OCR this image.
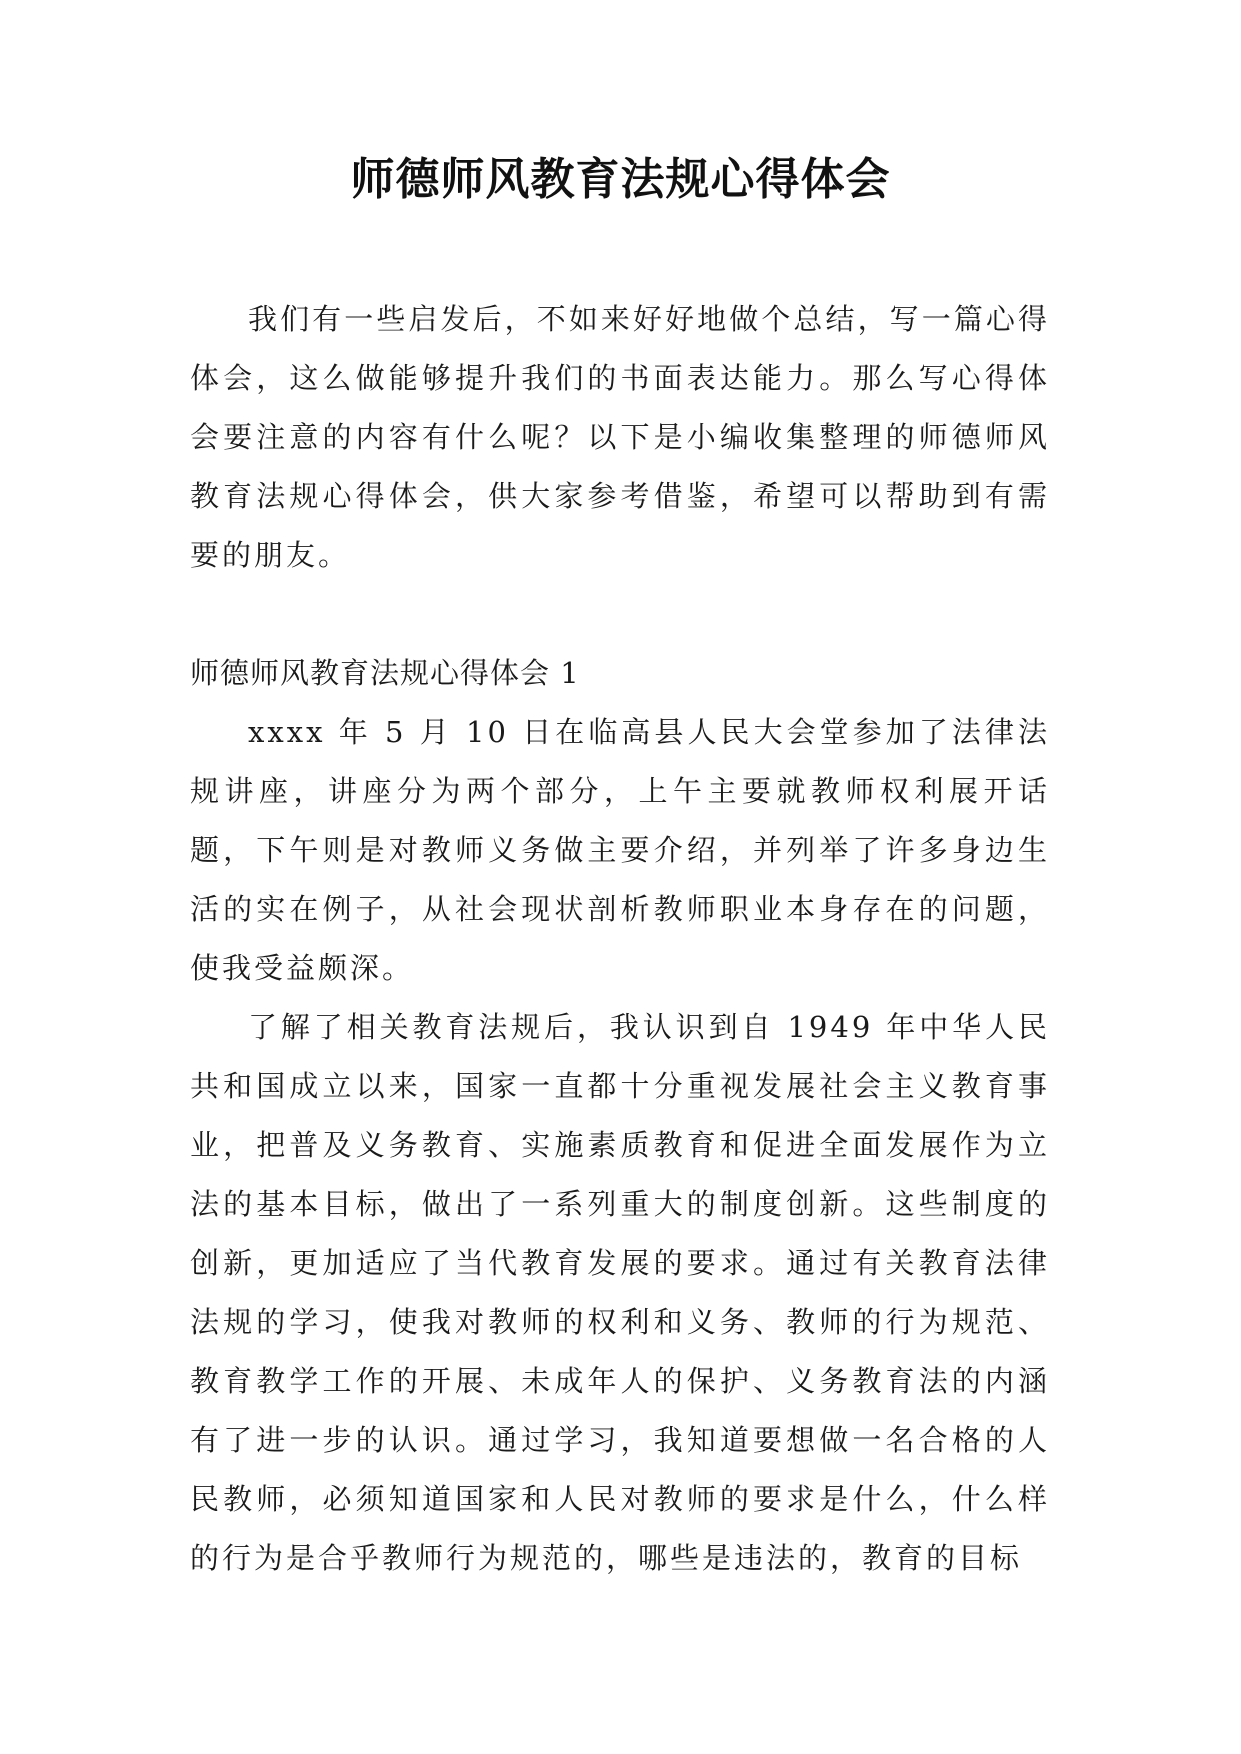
师德师风教育法规心得体会

我们有一些启发后，不如来好好地做个总结，写一篇心得体会，这么做能够提升我们的书面表达能力。那么写心得体会要注意的内容有什么呢？以下是小编收集整理的师德师风教育法规心得体会，供大家参考借鉴，希望可以帮助到有需要的朋友。

师德师风教育法规心得体会 1

xxxx 年 5 月 10 日在临高县人民大会堂参加了法律法规讲座，讲座分为两个部分，上午主要就教师权利展开话题，下午则是对教师义务做主要介绍，并列举了许多身边生活的实在例子，从社会现状剖析教师职业本身存在的问题，使我受益颇深。

了解了相关教育法规后，我认识到自 1949 年中华人民共和国成立以来，国家一直都十分重视发展社会主义教育事业，把普及义务教育、实施素质教育和促进全面发展作为立法的基本目标，做出了一系列重大的制度创新。这些制度的创新，更加适应了当代教育发展的要求。通过有关教育法律法规的学习，使我对教师的权利和义务、教师的行为规范、教育教学工作的开展、未成年人的保护、义务教育法的内涵有了进一步的认识。通过学习，我知道要想做一名合格的人民教师，必须知道国家和人民对教师的要求是什么，什么样的行为是合乎教师行为规范的，哪些是违法的，教育的目标
